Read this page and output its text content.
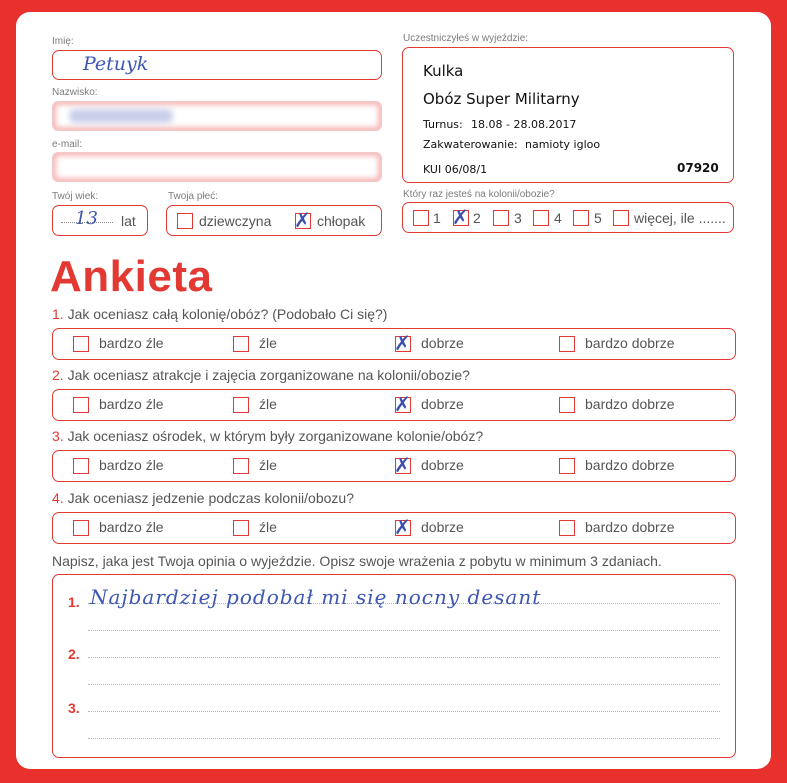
Imię:
Petuyk
Nazwisko:
e-mail:
Twój wiek:
13 lat
Twoja płeć:
dziewczyna ✗ chłopak
Uczestniczyłeś w wyjeździe:
Kulka
Obóz Super Militarny
Turnus: 18.08 - 28.08.2017
Zakwaterowanie: namioty igloo
KUI 06/08/1	07920
Który raz jesteś na kolonii/obozie?
1 ✗ 2 3 4 5 więcej, ile .......
Ankieta
1. Jak oceniasz całą kolonię/obóz? (Podobało Ci się?)
bardzo źle	źle	✗ dobrze	bardzo dobrze
2. Jak oceniasz atrakcje i zajęcia zorganizowane na kolonii/obozie?
bardzo źle	źle	✗ dobrze	bardzo dobrze
3. Jak oceniasz ośrodek, w którym były zorganizowane kolonie/obóz?
bardzo źle	źle	✗ dobrze	bardzo dobrze
4. Jak oceniasz jedzenie podczas kolonii/obozu?
bardzo źle	źle	✗ dobrze	bardzo dobrze
Napisz, jaka jest Twoja opinia o wyjeździe. Opisz swoje wrażenia z pobytu w minimum 3 zdaniach.
1.
2.
3.
Najbardziej podobał mi się nocny desant
